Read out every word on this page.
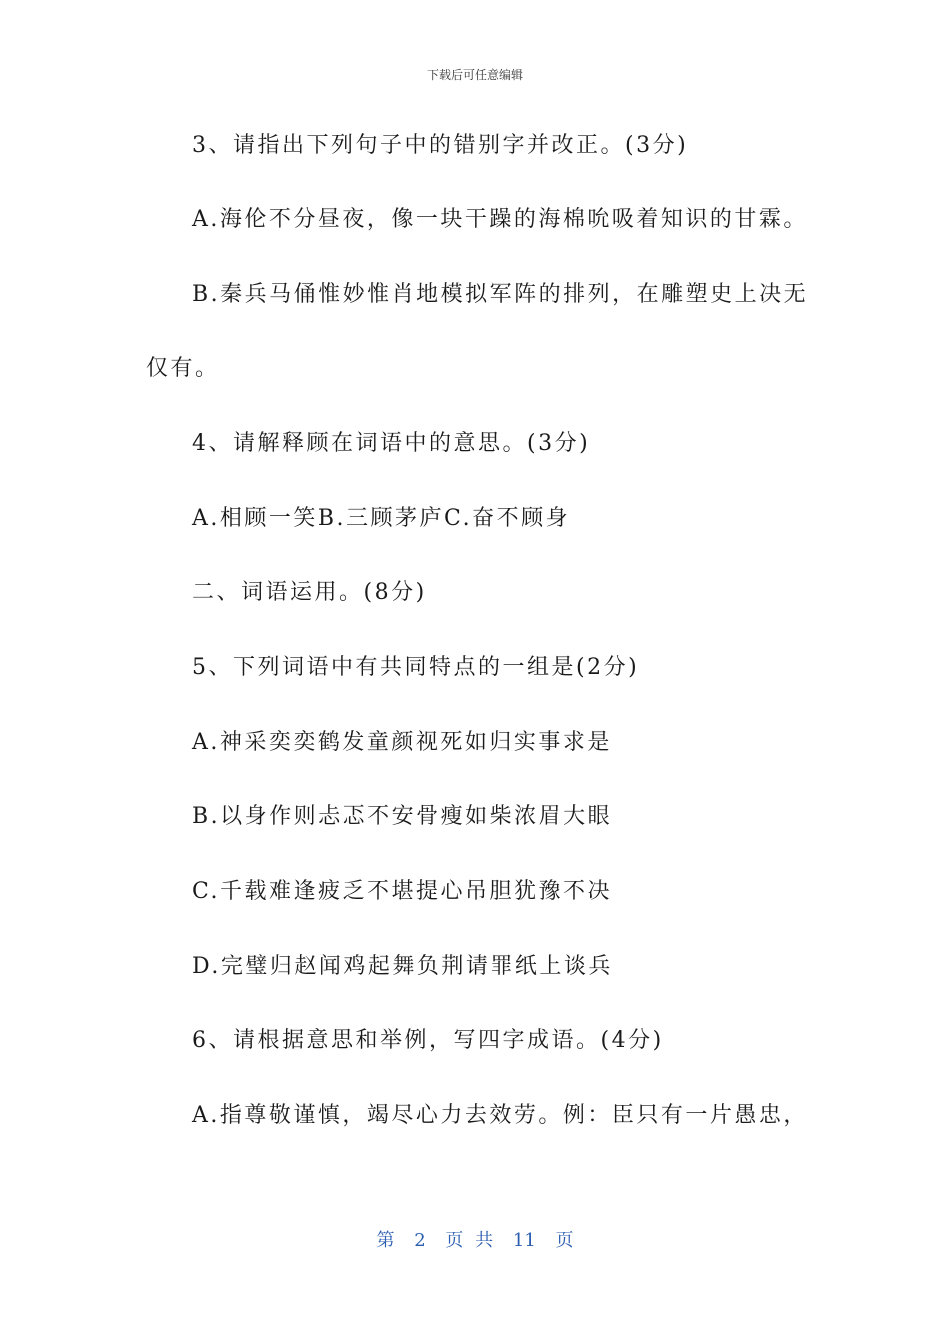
下载后可任意编辑
3、请指出下列句子中的错别字并改正。(3分)
A.海伦不分昼夜，像一块干躁的海棉吮吸着知识的甘霖。
B.秦兵马俑惟妙惟肖地模拟军阵的排列，在雕塑史上决无
仅有。
4、请解释顾在词语中的意思。(3分)
A.相顾一笑B.三顾茅庐C.奋不顾身
二、词语运用。(8分)
5、下列词语中有共同特点的一组是(2分)
A.神采奕奕鹤发童颜视死如归实事求是
B.以身作则忐忑不安骨瘦如柴浓眉大眼
C.千载难逢疲乏不堪提心吊胆犹豫不决
D.完璧归赵闻鸡起舞负荆请罪纸上谈兵
6、请根据意思和举例，写四字成语。(4分)
A.指尊敬谨慎，竭尽心力去效劳。例：臣只有一片愚忠，
第 2 页 共 11 页
